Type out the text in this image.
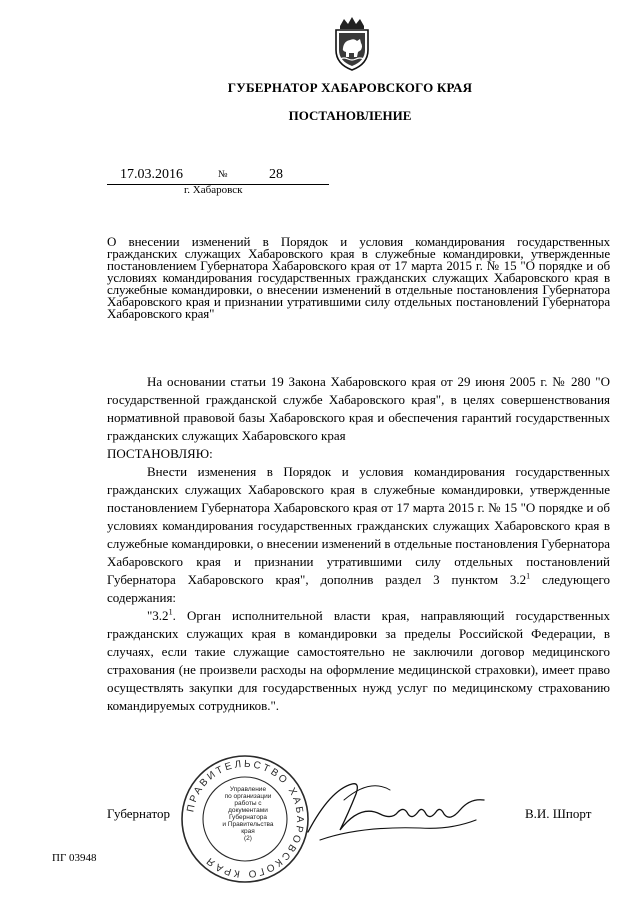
ГУБЕРНАТОР ХАБАРОВСКОГО КРАЯ
ПОСТАНОВЛЕНИЕ
17.03.2016	№	28
г. Хабаровск
О внесении изменений в Порядок и условия командирования государственных гражданских служащих Хабаровского края в служебные командировки, утвержденные постановлением Губернатора Хабаровского края от 17 марта 2015 г. № 15 "О порядке и об условиях командирования государственных гражданских служащих Хабаровского края в служебные командировки, о внесении изменений в отдельные постановления Губернатора Хабаровского края и признании утратившими силу отдельных постановлений Губернатора Хабаровского края"

На основании статьи 19 Закона Хабаровского края от 29 июня 2005 г. № 280 "О государственной гражданской службе Хабаровского края", в целях совершенствования нормативной правовой базы Хабаровского края и обеспечения гарантий государственных гражданских служащих Хабаровского края

ПОСТАНОВЛЯЮ:

Внести изменения в Порядок и условия командирования государственных гражданских служащих Хабаровского края в служебные командировки, утвержденные постановлением Губернатора Хабаровского края от 17 марта 2015 г. № 15 "О порядке и об условиях командирования государственных гражданских служащих Хабаровского края в служебные командировки, о внесении изменений в отдельные постановления Губернатора Хабаровского края и признании утратившими силу отдельных постановлений Губернатора Хабаровского края", дополнив раздел 3 пунктом $3.2^1$ следующего содержания:

"$3.2^1$. Орган исполнительной власти края, направляющий государственных гражданских служащих края в командировки за пределы Российской Федерации, в случаях, если такие служащие самостоятельно не заключили договор медицинского страхования (не произвели расходы на оформление медицинской страховки), имеет право осуществлять закупки для государственных нужд услуг по медицинскому страхованию командируемых сотрудников.".

ПРАВИТЕЛЬСТВО ХАБАРОВСКОГО КРАЯ
Управление
по организации
работы с документами
Губернатора
и Правительства
края
(2)
Губернатор	В.И. Шпорт
ПГ 03948
